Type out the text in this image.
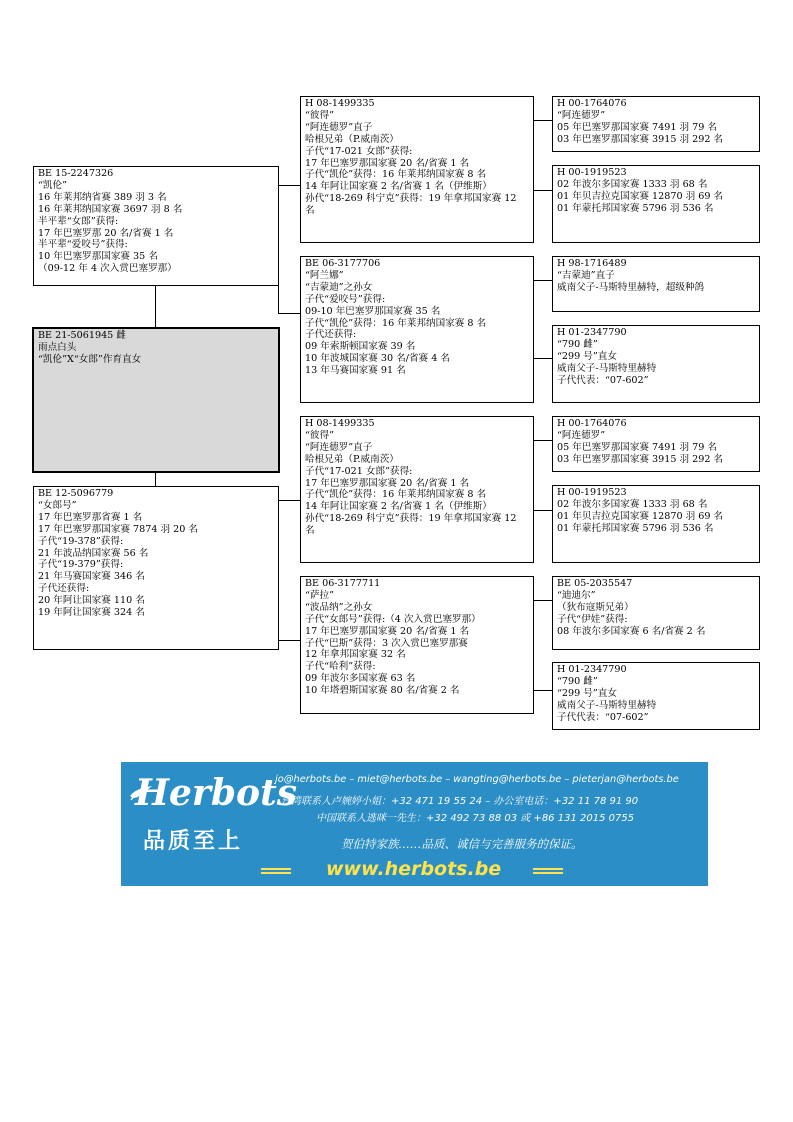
BE 15-2247326
“凯伦”
16 年莱邦纳省赛 389 羽 3 名
16 年莱邦纳国家赛 3697 羽 8 名
半平辈“女郎”获得:
17 年巴塞罗那 20 名/省赛 1 名
半平辈“爱咬号”获得:
10 年巴塞罗那国家赛 35 名
（09-12 年 4 次入赏巴塞罗那）
BE 21-5061945 雌
雨点白头
“凯伦”X“女郎”作育直女
BE 12-5096779
“女郎号”
17 年巴塞罗那省赛 1 名
17 年巴塞罗那国家赛 7874 羽 20 名
子代“19-378”获得:
21 年波品纳国家赛 56 名
子代“19-379”获得:
21 年马赛国家赛 346 名
子代还获得:
20 年阿让国家赛 110 名
19 年阿让国家赛 324 名
H 08-1499335
“彼得”
“阿连德罗”直子
哈根兄弟（P.威南茨）
子代“17-021 女郎”获得:
17 年巴塞罗那国家赛 20 名/省赛 1 名
子代“凯伦”获得：16 年莱邦纳国家赛 8 名
14 年阿让国家赛 2 名/省赛 1 名（伊维斯）
孙代“18-269 科宁克”获得：19 年拿邦国家赛 12 名
BE 06-3177706
“阿兰娜”
“吉蒙迪”之孙女
子代“爱咬号”获得:
09-10 年巴塞罗那国家赛 35 名
子代“凯伦”获得：16 年莱邦纳国家赛 8 名
子代还获得:
09 年索斯顿国家赛 39 名
10 年波城国家赛 30 名/省赛 4 名
13 年马赛国家赛 91 名
H 08-1499335
“彼得”
“阿连德罗”直子
哈根兄弟（P.威南茨）
子代“17-021 女郎”获得:
17 年巴塞罗那国家赛 20 名/省赛 1 名
子代“凯伦”获得：16 年莱邦纳国家赛 8 名
14 年阿让国家赛 2 名/省赛 1 名（伊维斯）
孙代“18-269 科宁克”获得：19 年拿邦国家赛 12 名
BE 06-3177711
“萨拉”
“波品纳”之孙女
子代“女郎号”获得:（4 次入赏巴塞罗那）
17 年巴塞罗那国家赛 20 名/省赛 1 名
子代“巴斯”获得：3 次入赏巴塞罗那赛
12 年拿邦国家赛 32 名
子代“哈利”获得:
09 年波尔多国家赛 63 名
10 年塔碧斯国家赛 80 名/省赛 2 名
H 00-1764076
“阿连德罗”
05 年巴塞罗那国家赛 7491 羽 79 名
03 年巴塞罗那国家赛 3915 羽 292 名
H 00-1919523
02 年波尔多国家赛 1333 羽 68 名
01 年贝吉拉克国家赛 12870 羽 69 名
01 年蒙托邦国家赛 5796 羽 536 名
H 98-1716489
“吉蒙迪”直子
威南父子-马斯特里赫特，超级种鸽
H 01-2347790
“790 雌”
“299 号”直女
威南父子-马斯特里赫特
子代代表：“07-602”
H 00-1764076
“阿连德罗”
05 年巴塞罗那国家赛 7491 羽 79 名
03 年巴塞罗那国家赛 3915 羽 292 名
H 00-1919523
02 年波尔多国家赛 1333 羽 68 名
01 年贝吉拉克国家赛 12870 羽 69 名
01 年蒙托邦国家赛 5796 羽 536 名
BE 05-2035547
“迪迪尔”
（狄布寇斯兄弟）
子代“伊娃”获得:
08 年波尔多国家赛 6 名/省赛 2 名
H 01-2347790
“790 雌”
“299 号”直女
威南父子-马斯特里赫特
子代代表：“07-602”
Herbots
品质至上
jo@herbots.be – miet@herbots.be – wangting@herbots.be – pieterjan@herbots.be
台湾联系人卢婉婷小姐：+32 471 19 55 24 – 办公室电话：+32 11 78 91 90
中国联系人逃咪一先生：+32 492 73 88 03 或 +86 131 2015 0755
贺伯特家族……品质、诚信与完善服务的保证。
www.herbots.be
